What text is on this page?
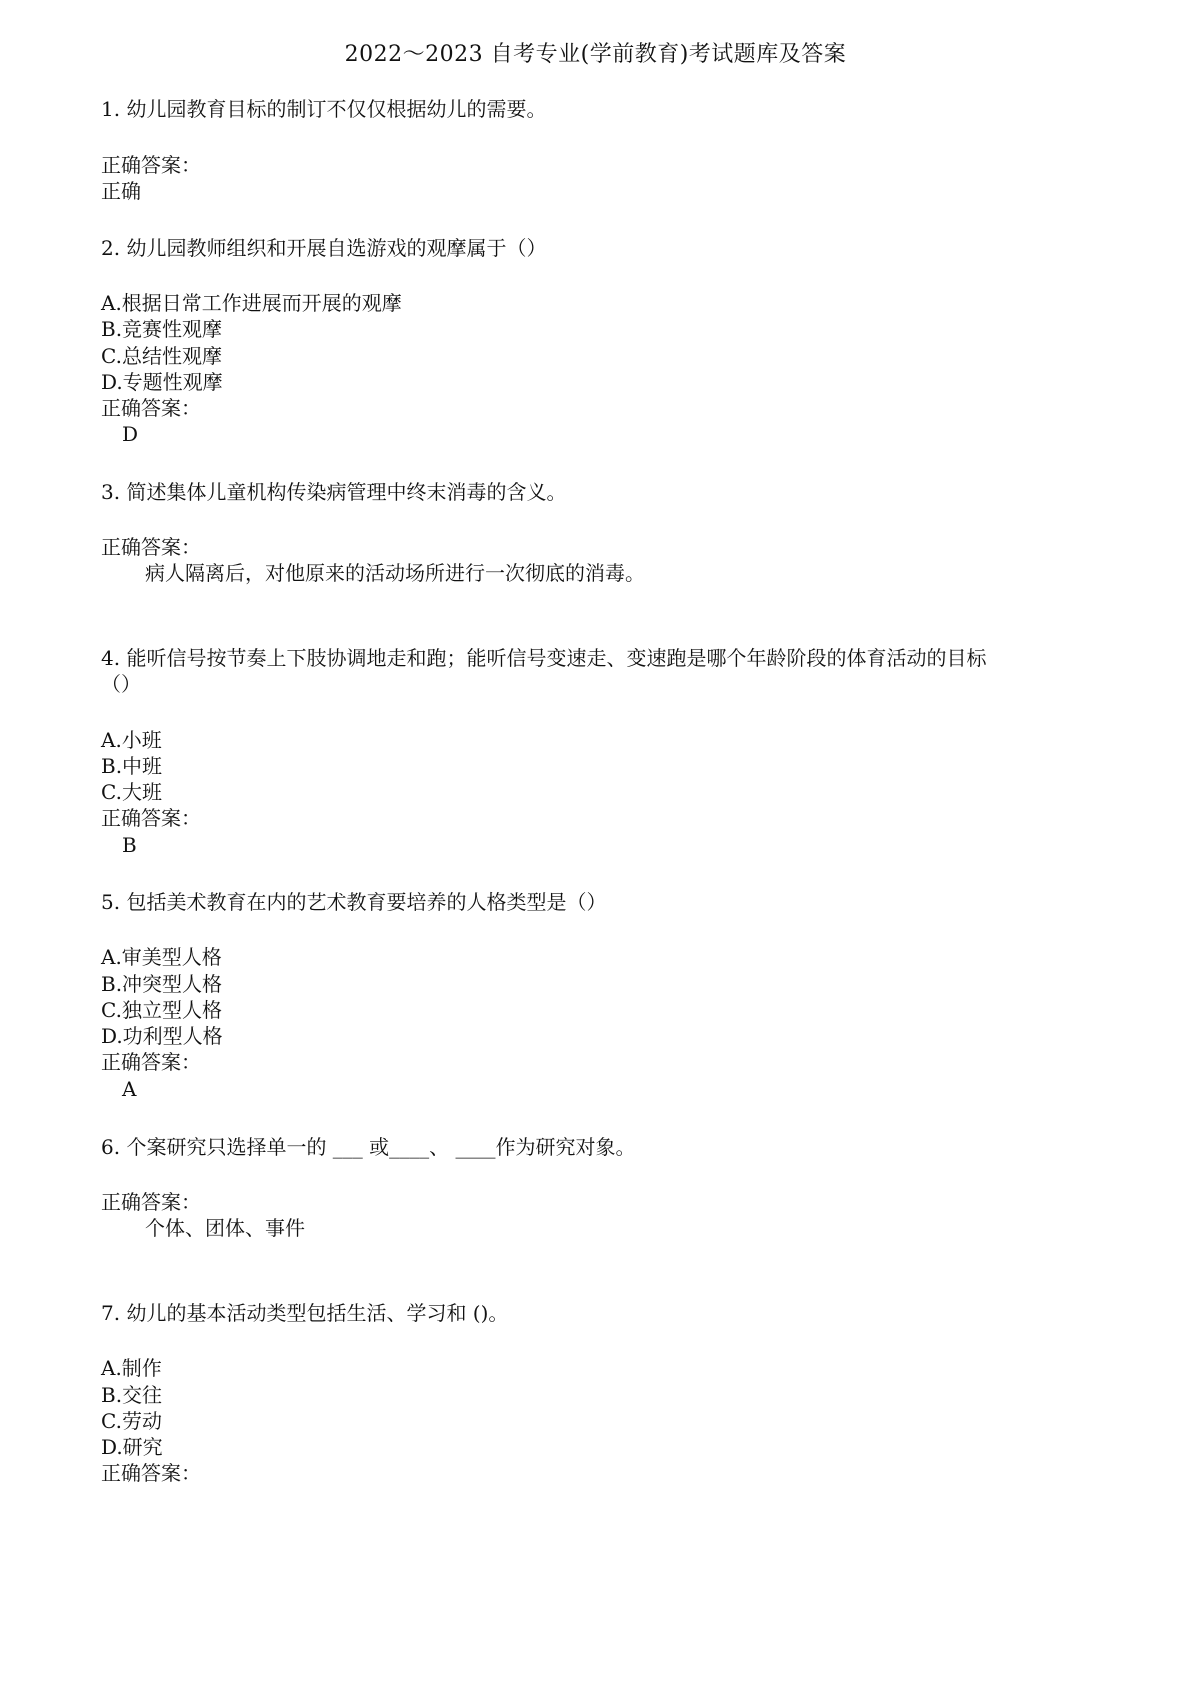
2022～2023 自考专业(学前教育)考试题库及答案
1. 幼儿园教育目标的制订不仅仅根据幼儿的需要。
正确答案：
正确
2. 幼儿园教师组织和开展自选游戏的观摩属于（）
A.根据日常工作进展而开展的观摩
B.竞赛性观摩
C.总结性观摩
D.专题性观摩
正确答案：
D
3. 简述集体儿童机构传染病管理中终末消毒的含义。
正确答案：
病人隔离后，对他原来的活动场所进行一次彻底的消毒。
4. 能听信号按节奏上下肢协调地走和跑；能听信号变速走、变速跑是哪个年龄阶段的体育活动的目标
（）
A.小班
B.中班
C.大班
正确答案：
B
5. 包括美术教育在内的艺术教育要培养的人格类型是（）
A.审美型人格
B.冲突型人格
C.独立型人格
D.功利型人格
正确答案：
A
6. 个案研究只选择单一的 ___ 或____、 ____作为研究对象。
正确答案：
个体、团体、事件
7. 幼儿的基本活动类型包括生活、学习和 ()。
A.制作
B.交往
C.劳动
D.研究
正确答案：
